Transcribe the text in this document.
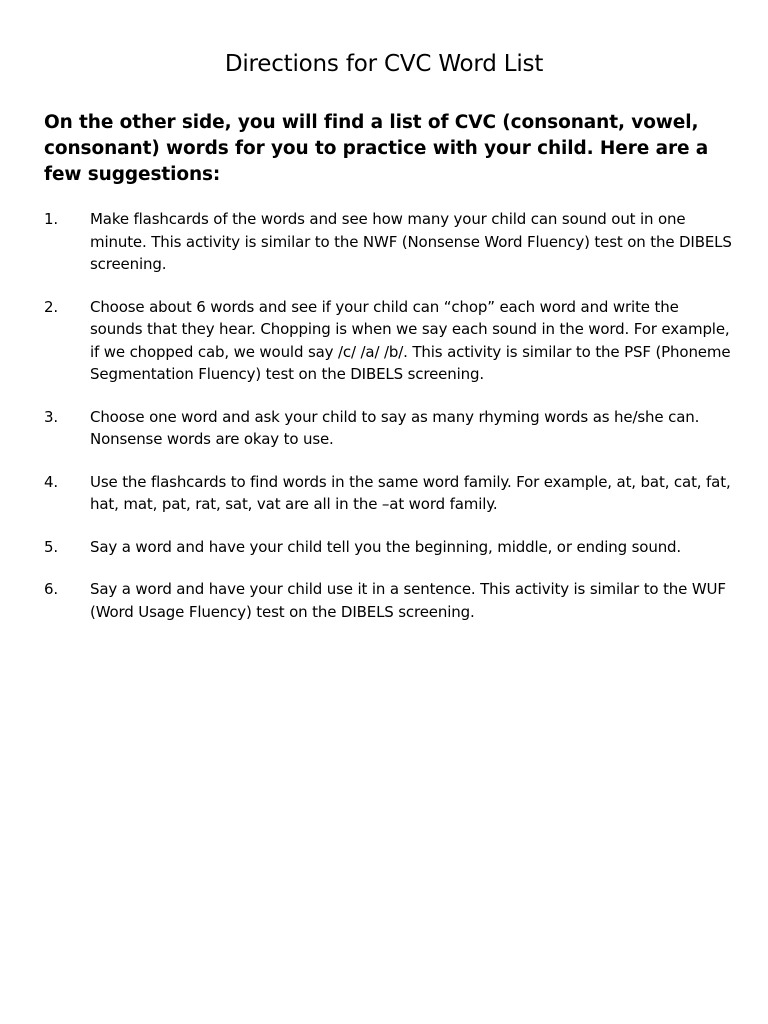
Directions for CVC Word List

On the other side, you will find a list of CVC (consonant, vowel, consonant) words for you to practice with your child. Here are a few suggestions:

1.	Make flashcards of the words and see how many your child can sound out in one minute. This activity is similar to the NWF (Nonsense Word Fluency) test on the DIBELS screening.
2.	Choose about 6 words and see if your child can “chop” each word and write the sounds that they hear. Chopping is when we say each sound in the word. For example, if we chopped cab, we would say /c/ /a/ /b/. This activity is similar to the PSF (Phoneme Segmentation Fluency) test on the DIBELS screening.
3.	Choose one word and ask your child to say as many rhyming words as he/she can. Nonsense words are okay to use.
4.	Use the flashcards to find words in the same word family. For example, at, bat, cat, fat, hat, mat, pat, rat, sat, vat are all in the –at word family.
5.	Say a word and have your child tell you the beginning, middle, or ending sound.
6.	Say a word and have your child use it in a sentence. This activity is similar to the WUF (Word Usage Fluency) test on the DIBELS screening.
